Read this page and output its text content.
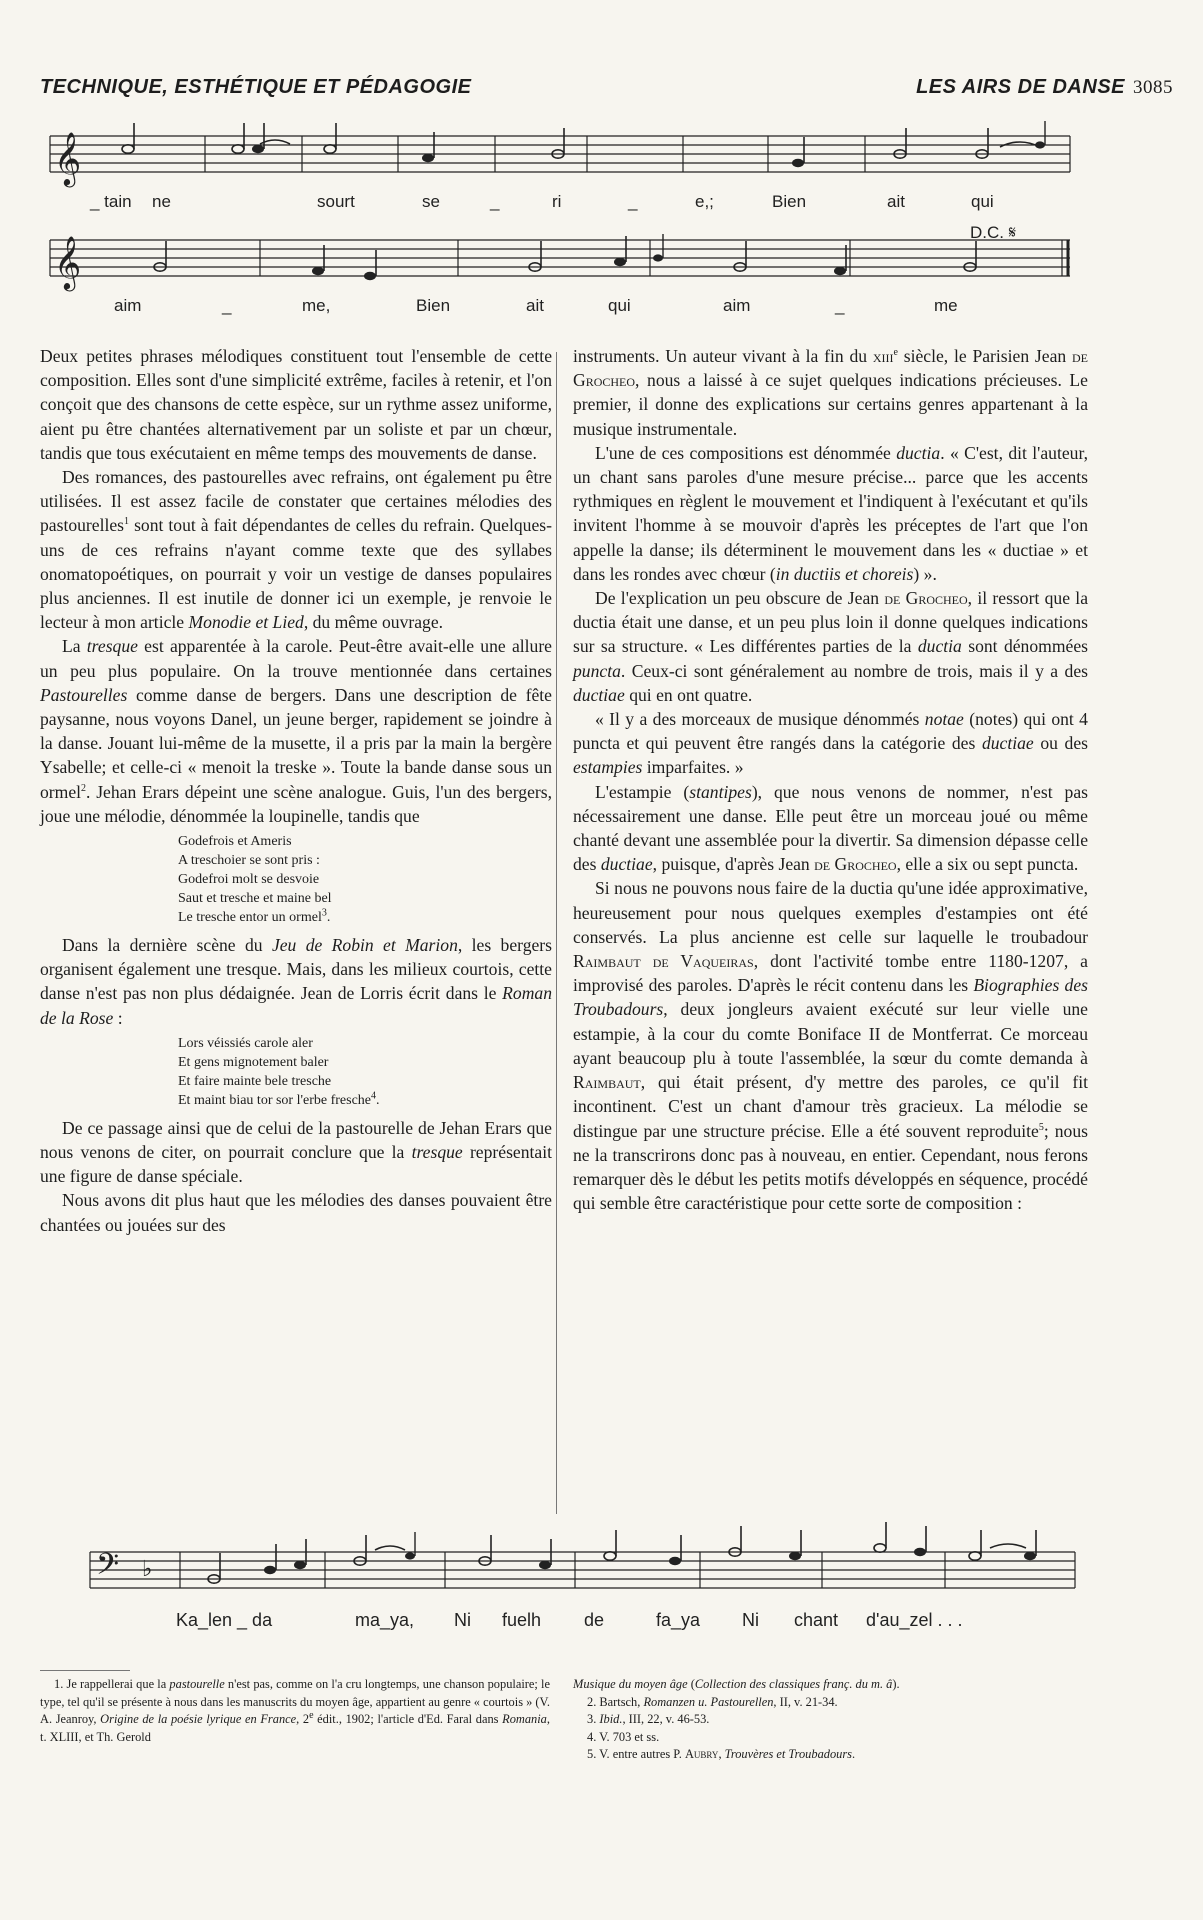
TECHNIQUE, ESTHÉTIQUE ET PÉDAGOGIE	LES AIRS DE DANSE 3085
𝄞
_ tain ne	sourt	se	_	ri	_	e,;	Bien	ait	qui
𝄞
D.C. 𝄋
aim	_	me,	Bien	ait	qui	aim	_	me

Deux petites phrases mélodiques constituent tout l'ensemble de cette composition. Elles sont d'une simplicité extrême, faciles à retenir, et l'on conçoit que des chansons de cette espèce, sur un rythme assez uniforme, aient pu être chantées alternativement par un soliste et par un chœur, tandis que tous exécutaient en même temps des mouvements de danse.

Des romances, des pastourelles avec refrains, ont également pu être utilisées. Il est assez facile de constater que certaines mélodies des pastourelles$^1$ sont tout à fait dépendantes de celles du refrain. Quelques-uns de ces refrains n'ayant comme texte que des syllabes onomatopoétiques, on pourrait y voir un vestige de danses populaires plus anciennes. Il est inutile de donner ici un exemple, je renvoie le lecteur à mon article Monodie et Lied, du même ouvrage.

La tresque est apparentée à la carole. Peut-être avait-elle une allure un peu plus populaire. On la trouve mentionnée dans certaines Pastourelles comme danse de bergers. Dans une description de fête paysanne, nous voyons Danel, un jeune berger, rapidement se joindre à la danse. Jouant lui-même de la musette, il a pris par la main la bergère Ysabelle; et celle-ci « menoit la treske ». Toute la bande danse sous un ormel$^2$. Jehan Erars dépeint une scène analogue. Guis, l'un des bergers, joue une mélodie, dénommée la loupinelle, tandis que

Godefrois et Ameris
A treschoier se sont pris :
Godefroi molt se desvoie
Saut et tresche et maine bel
Le tresche entor un ormel$^3$.

Dans la dernière scène du Jeu de Robin et Marion, les bergers organisent également une tresque. Mais, dans les milieux courtois, cette danse n'est pas non plus dédaignée. Jean de Lorris écrit dans le Roman de la Rose :

Lors véissiés carole aler
Et gens mignotement baler
Et faire mainte bele tresche
Et maint biau tor sor l'erbe fresche$^4$.

De ce passage ainsi que de celui de la pastourelle de Jehan Erars que nous venons de citer, on pourrait conclure que la tresque représentait une figure de danse spéciale.

Nous avons dit plus haut que les mélodies des danses pouvaient être chantées ou jouées sur des

instruments. Un auteur vivant à la fin du xiii$^e$ siècle, le Parisien Jean de Grocheo, nous a laissé à ce sujet quelques indications précieuses. Le premier, il donne des explications sur certains genres appartenant à la musique instrumentale.

L'une de ces compositions est dénommée ductia. « C'est, dit l'auteur, un chant sans paroles d'une mesure précise... parce que les accents rythmiques en règlent le mouvement et l'indiquent à l'exécutant et qu'ils invitent l'homme à se mouvoir d'après les préceptes de l'art que l'on appelle la danse; ils déterminent le mouvement dans les « ductiae » et dans les rondes avec chœur (in ductiis et choreis) ».

De l'explication un peu obscure de Jean de Grocheo, il ressort que la ductia était une danse, et un peu plus loin il donne quelques indications sur sa structure. « Les différentes parties de la ductia sont dénommées puncta. Ceux-ci sont généralement au nombre de trois, mais il y a des ductiae qui en ont quatre.

« Il y a des morceaux de musique dénommés notae (notes) qui ont 4 puncta et qui peuvent être rangés dans la catégorie des ductiae ou des estampies imparfaites. »

L'estampie (stantipes), que nous venons de nommer, n'est pas nécessairement une danse. Elle peut être un morceau joué ou même chanté devant une assemblée pour la divertir. Sa dimension dépasse celle des ductiae, puisque, d'après Jean de Grocheo, elle a six ou sept puncta.

Si nous ne pouvons nous faire de la ductia qu'une idée approximative, heureusement pour nous quelques exemples d'estampies ont été conservés. La plus ancienne est celle sur laquelle le troubadour Raimbaut de Vaqueiras, dont l'activité tombe entre 1180-1207, a improvisé des paroles. D'après le récit contenu dans les Biographies des Troubadours, deux jongleurs avaient exécuté sur leur vielle une estampie, à la cour du comte Boniface II de Montferrat. Ce morceau ayant beaucoup plu à toute l'assemblée, la sœur du comte demanda à Raimbaut, qui était présent, d'y mettre des paroles, ce qu'il fit incontinent. C'est un chant d'amour très gracieux. La mélodie se distingue par une structure précise. Elle a été souvent reproduite$^5$; nous ne la transcrirons donc pas à nouveau, en entier. Cependant, nous ferons remarquer dès le début les petits motifs développés en séquence, procédé qui semble être caractéristique pour cette sorte de composition :

𝄢 ♭
Ka_len _ da	ma_ya, Ni fuelh de	fa_ya Ni chant d'au_zel . . .

1. Je rappellerai que la pastourelle n'est pas, comme on l'a cru longtemps, une chanson populaire; le type, tel qu'il se présente à nous dans les manuscrits du moyen âge, appartient au genre « courtois » (V. A. Jeanroy, Origine de la poésie lyrique en France, 2e édit., 1902; l'article d'Ed. Faral dans Romania, t. XLIII, et Th. Gerold

Musique du moyen âge (Collection des classiques franç. du m. â).

2. Bartsch, Romanzen u. Pastourellen, II, v. 21-34.

3. Ibid., III, 22, v. 46-53.

4. V. 703 et ss.

5. V. entre autres P. Aubry, Trouvères et Troubadours.
